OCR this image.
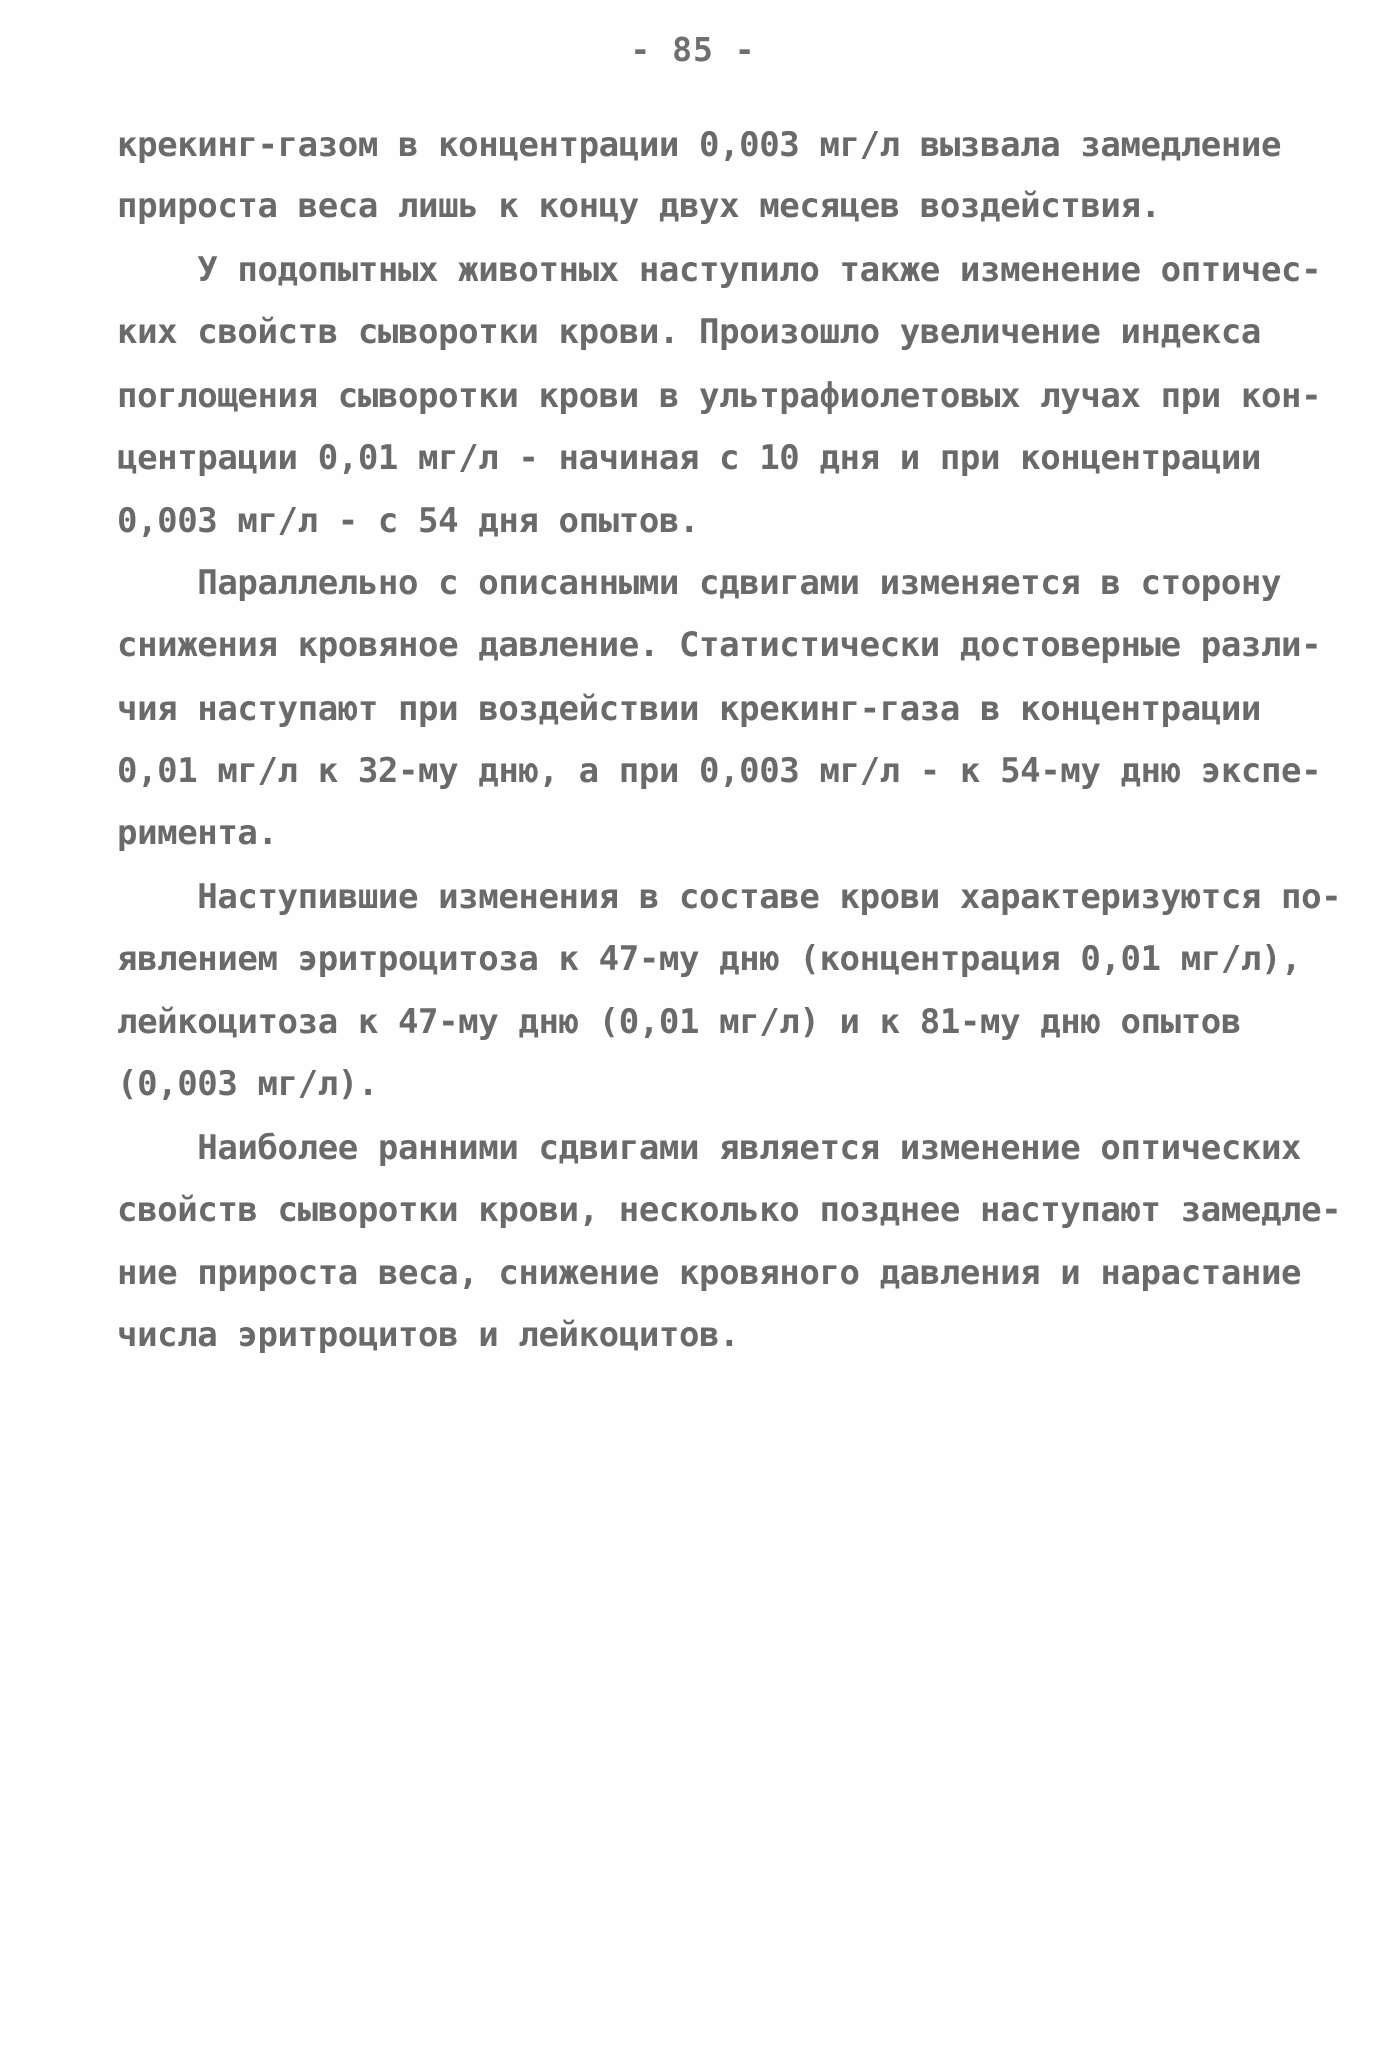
- 85 -
крекинг-газом в концентрации 0,003 мг/л вызвала замедление
прироста веса лишь к концу двух месяцев воздействия.
У подопытных животных наступило также изменение оптичес-
ких свойств сыворотки крови. Произошло увеличение индекса
поглощения сыворотки крови в ультрафиолетовых лучах при кон-
центрации 0,01 мг/л - начиная с 10 дня и при концентрации
0,003 мг/л - с 54 дня опытов.
Параллельно с описанными сдвигами изменяется в сторону
снижения кровяное давление. Статистически достоверные разли-
чия наступают при воздействии крекинг-газа в концентрации
0,01 мг/л к 32-му дню, а при 0,003 мг/л - к 54-му дню экспе-
римента.
Наступившие изменения в составе крови характеризуются по-
явлением эритроцитоза к 47-му дню (концентрация 0,01 мг/л),
лейкоцитоза к 47-му дню (0,01 мг/л) и к 81-му дню опытов
(0,003 мг/л).
Наиболее ранними сдвигами является изменение оптических
свойств сыворотки крови, несколько позднее наступают замедле-
ние прироста веса, снижение кровяного давления и нарастание
числа эритроцитов и лейкоцитов.
